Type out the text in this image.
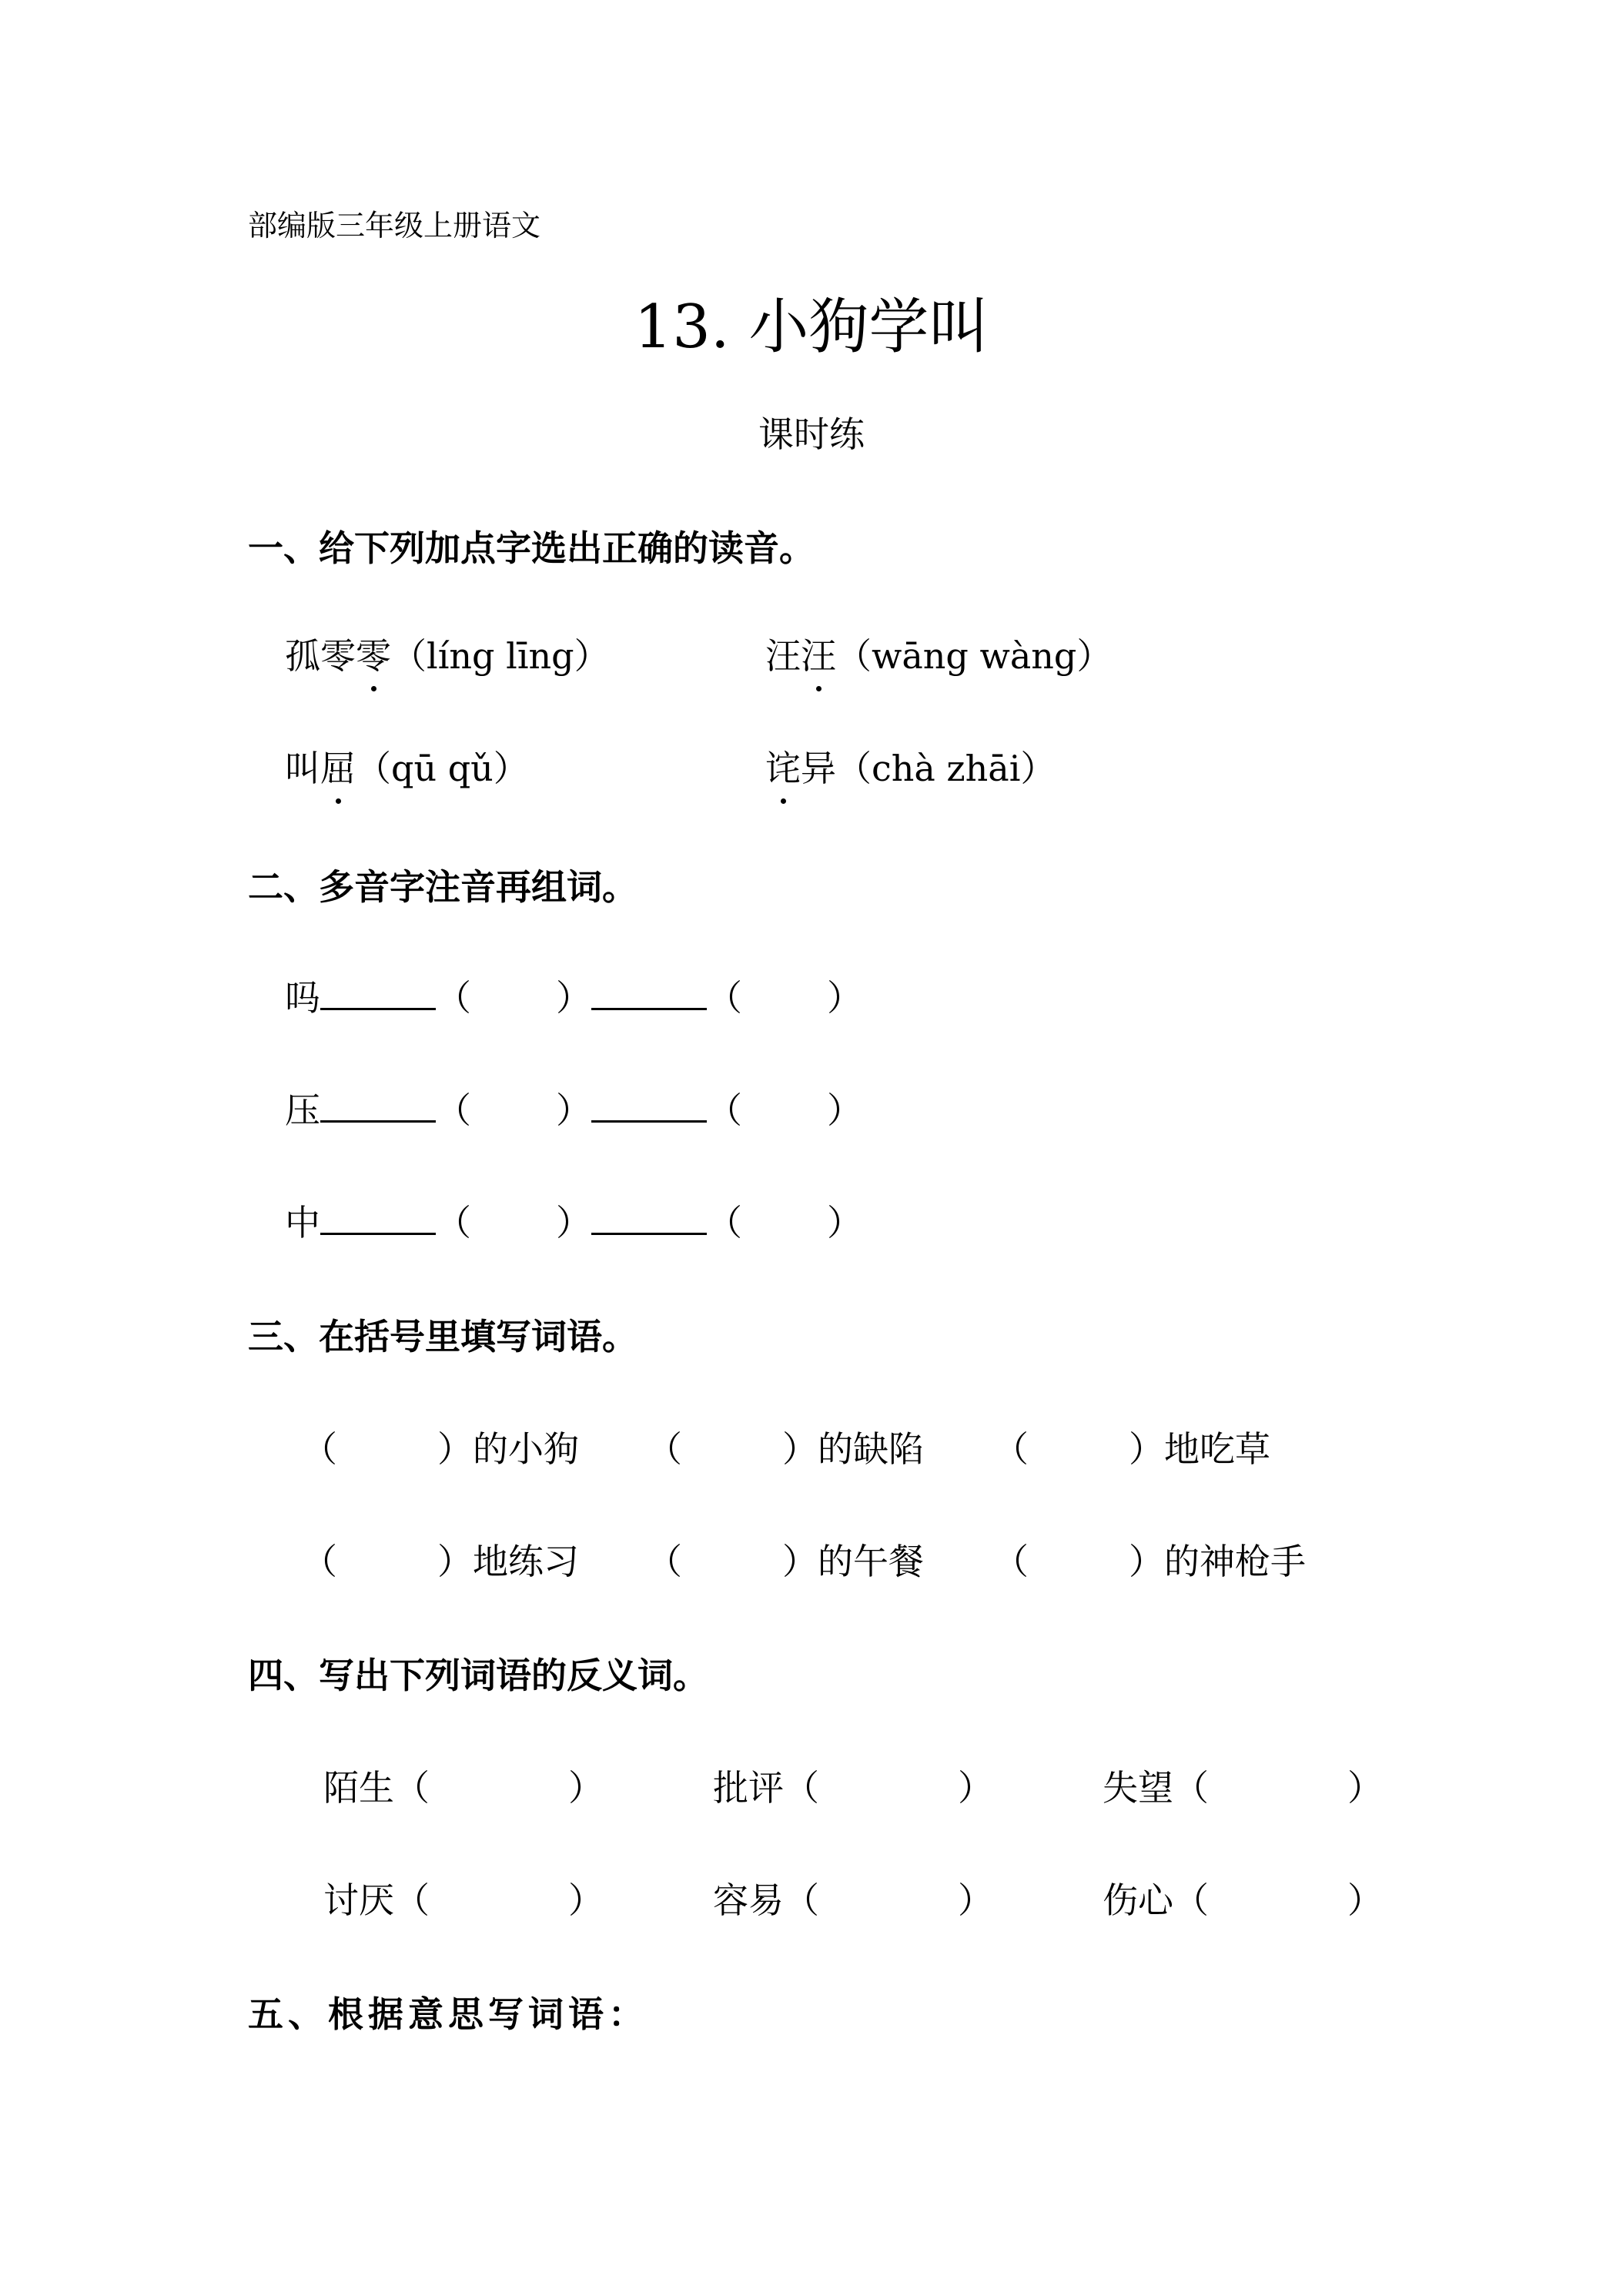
部编版三年级上册语文
13. 小狗学叫
课时练
一、给下列加点字选出正确的读音。
孤零零（líng līng）	汪汪（wāng wàng）
叫屈（qū qǔ）	诧异（chà zhāi）
二、多音字注音再组词。
吗	（ ）	（ ）
压	（ ）	（ ）
中	（ ）	（ ）
三、在括号里填写词语。
（	）的小狗 （	）的缺陷 （	）地吃草
（	）地练习 （	）的午餐 （	）的神枪手
四、写出下列词语的反义词。
陌生（	）	批评（	）	失望（	）
讨厌（	）	容易（	）	伤心（	）
五、根据意思写词语：
